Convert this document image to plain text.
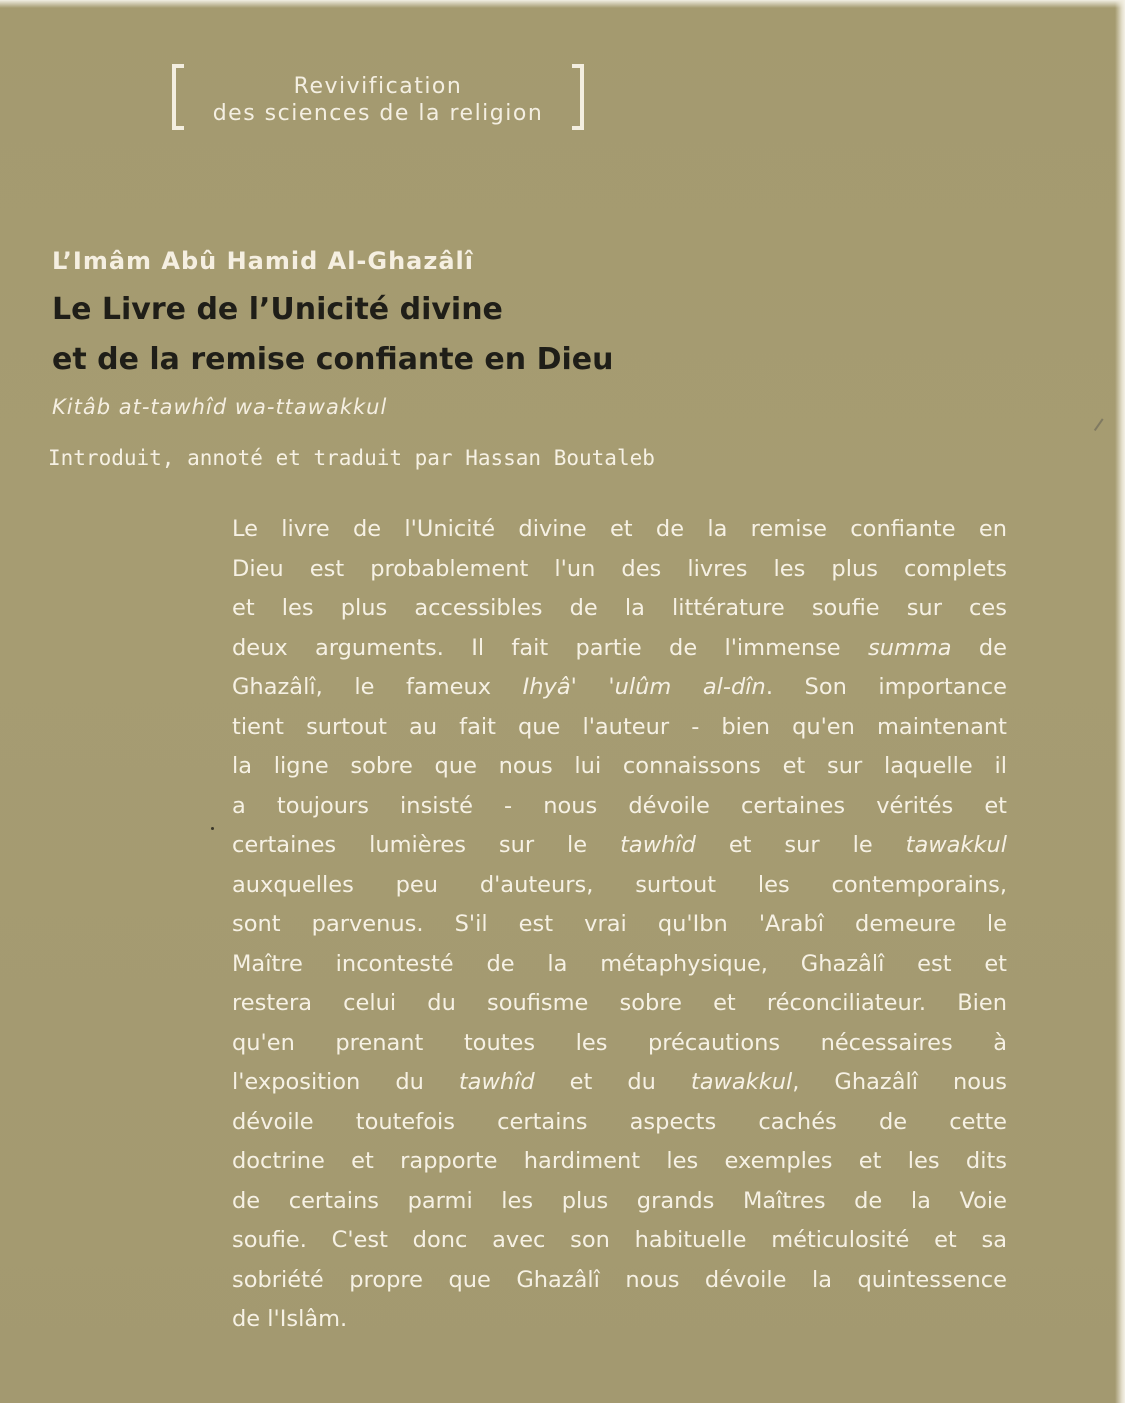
Revivification
des sciences de la religion
L’Imâm Abû Hamid Al-Ghazâlî
Le Livre de l’Unicité divine
et de la remise confiante en Dieu
Kitâb at-tawhîd wa-ttawakkul
Introduit, annoté et traduit par Hassan Boutaleb
Le livre de l'Unicité divine et de la remise confiante en
Dieu est probablement l'un des livres les plus complets
et les plus accessibles de la littérature soufie sur ces
deux arguments. Il fait partie de l'immense summa de
Ghazâlî, le fameux Ihyâ' 'ulûm al-dîn. Son importance
tient surtout au fait que l'auteur - bien qu'en maintenant
la ligne sobre que nous lui connaissons et sur laquelle il
a toujours insisté - nous dévoile certaines vérités et
certaines lumières sur le tawhîd et sur le tawakkul
auxquelles peu d'auteurs, surtout les contemporains,
sont parvenus. S'il est vrai qu'Ibn 'Arabî demeure le
Maître incontesté de la métaphysique, Ghazâlî est et
restera celui du soufisme sobre et réconciliateur. Bien
qu'en prenant toutes les précautions nécessaires à
l'exposition du tawhîd et du tawakkul, Ghazâlî nous
dévoile toutefois certains aspects cachés de cette
doctrine et rapporte hardiment les exemples et les dits
de certains parmi les plus grands Maîtres de la Voie
soufie. C'est donc avec son habituelle méticulosité et sa
sobriété propre que Ghazâlî nous dévoile la quintessence
de l'Islâm.
